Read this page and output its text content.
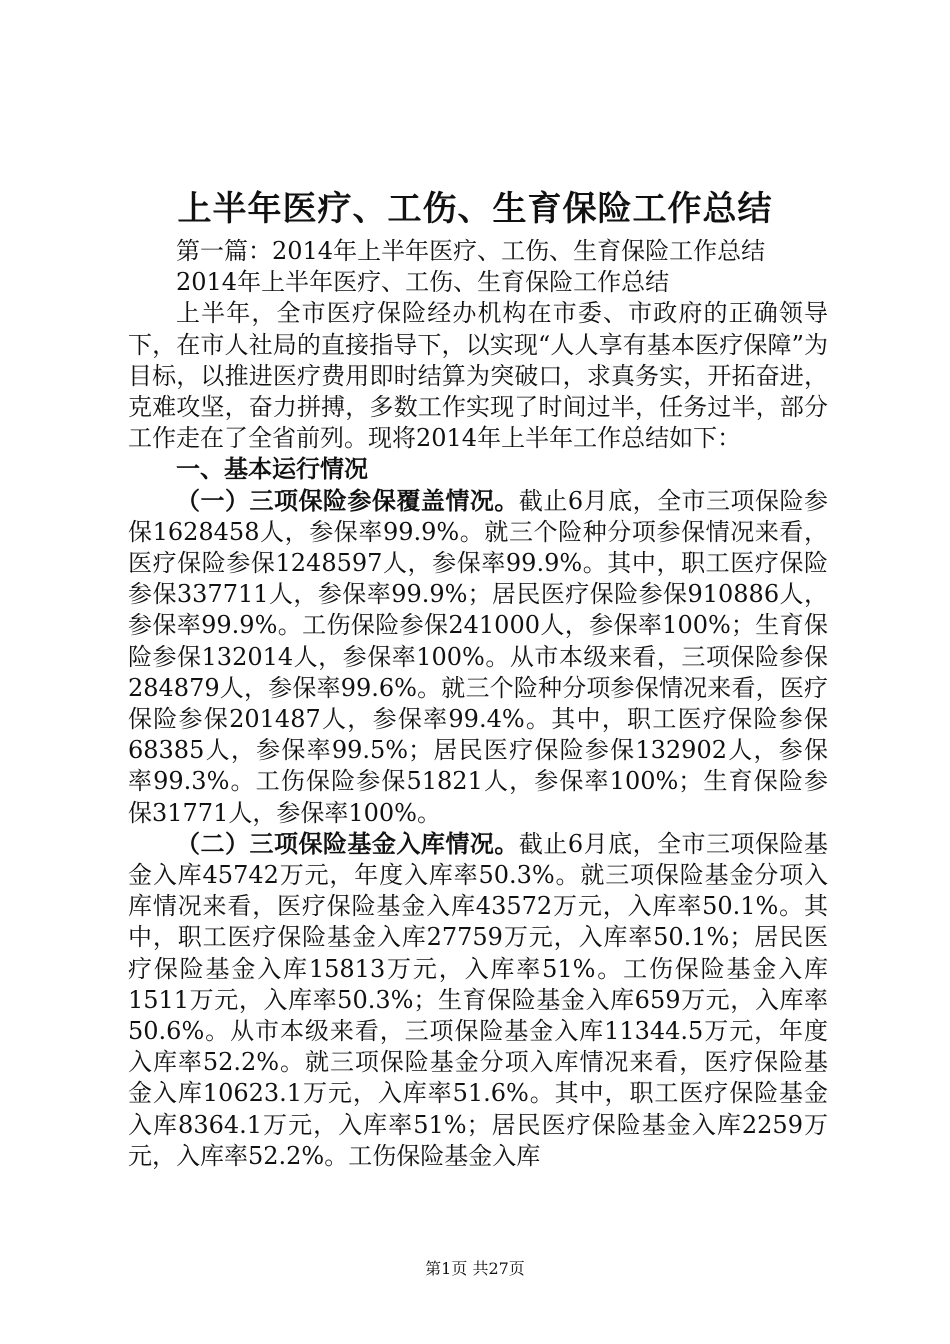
上半年医疗、工伤、生育保险工作总结

第一篇：2014年上半年医疗、工伤、生育保险工作总结

2014年上半年医疗、工伤、生育保险工作总结

上半年，全市医疗保险经办机构在市委、市政府的正确领导下，在市人社局的直接指导下，以实现“人人享有基本医疗保障”为目标，以推进医疗费用即时结算为突破口，求真务实，开拓奋进，克难攻坚，奋力拼搏，多数工作实现了时间过半，任务过半，部分工作走在了全省前列。现将2014年上半年工作总结如下：

一、基本运行情况

（一）三项保险参保覆盖情况。截止6月底，全市三项保险参保1628458人，参保率99.9%。就三个险种分项参保情况来看，医疗保险参保1248597人，参保率99.9%。其中，职工医疗保险参保337711人，参保率99.9%；居民医疗保险参保910886人，参保率99.9%。工伤保险参保241000人，参保率100%；生育保险参保132014人，参保率100%。从市本级来看，三项保险参保284879人，参保率99.6%。就三个险种分项参保情况来看，医疗保险参保201487人，参保率99.4%。其中，职工医疗保险参保68385人，参保率99.5%；居民医疗保险参保132902人，参保率99.3%。工伤保险参保51821人，参保率100%；生育保险参保31771人，参保率100%。

（二）三项保险基金入库情况。截止6月底，全市三项保险基金入库45742万元，年度入库率50.3%。就三项保险基金分项入库情况来看，医疗保险基金入库43572万元，入库率50.1%。其中，职工医疗保险基金入库27759万元，入库率50.1%；居民医疗保险基金入库15813万元，入库率51%。工伤保险基金入库1511万元，入库率50.3%；生育保险基金入库659万元，入库率50.6%。从市本级来看，三项保险基金入库11344.5万元，年度入库率52.2%。就三项保险基金分项入库情况来看，医疗保险基金入库10623.1万元，入库率51.6%。其中，职工医疗保险基金入库8364.1万元，入库率51%；居民医疗保险基金入库2259万元，入库率52.2%。工伤保险基金入库

第1页 共27页
